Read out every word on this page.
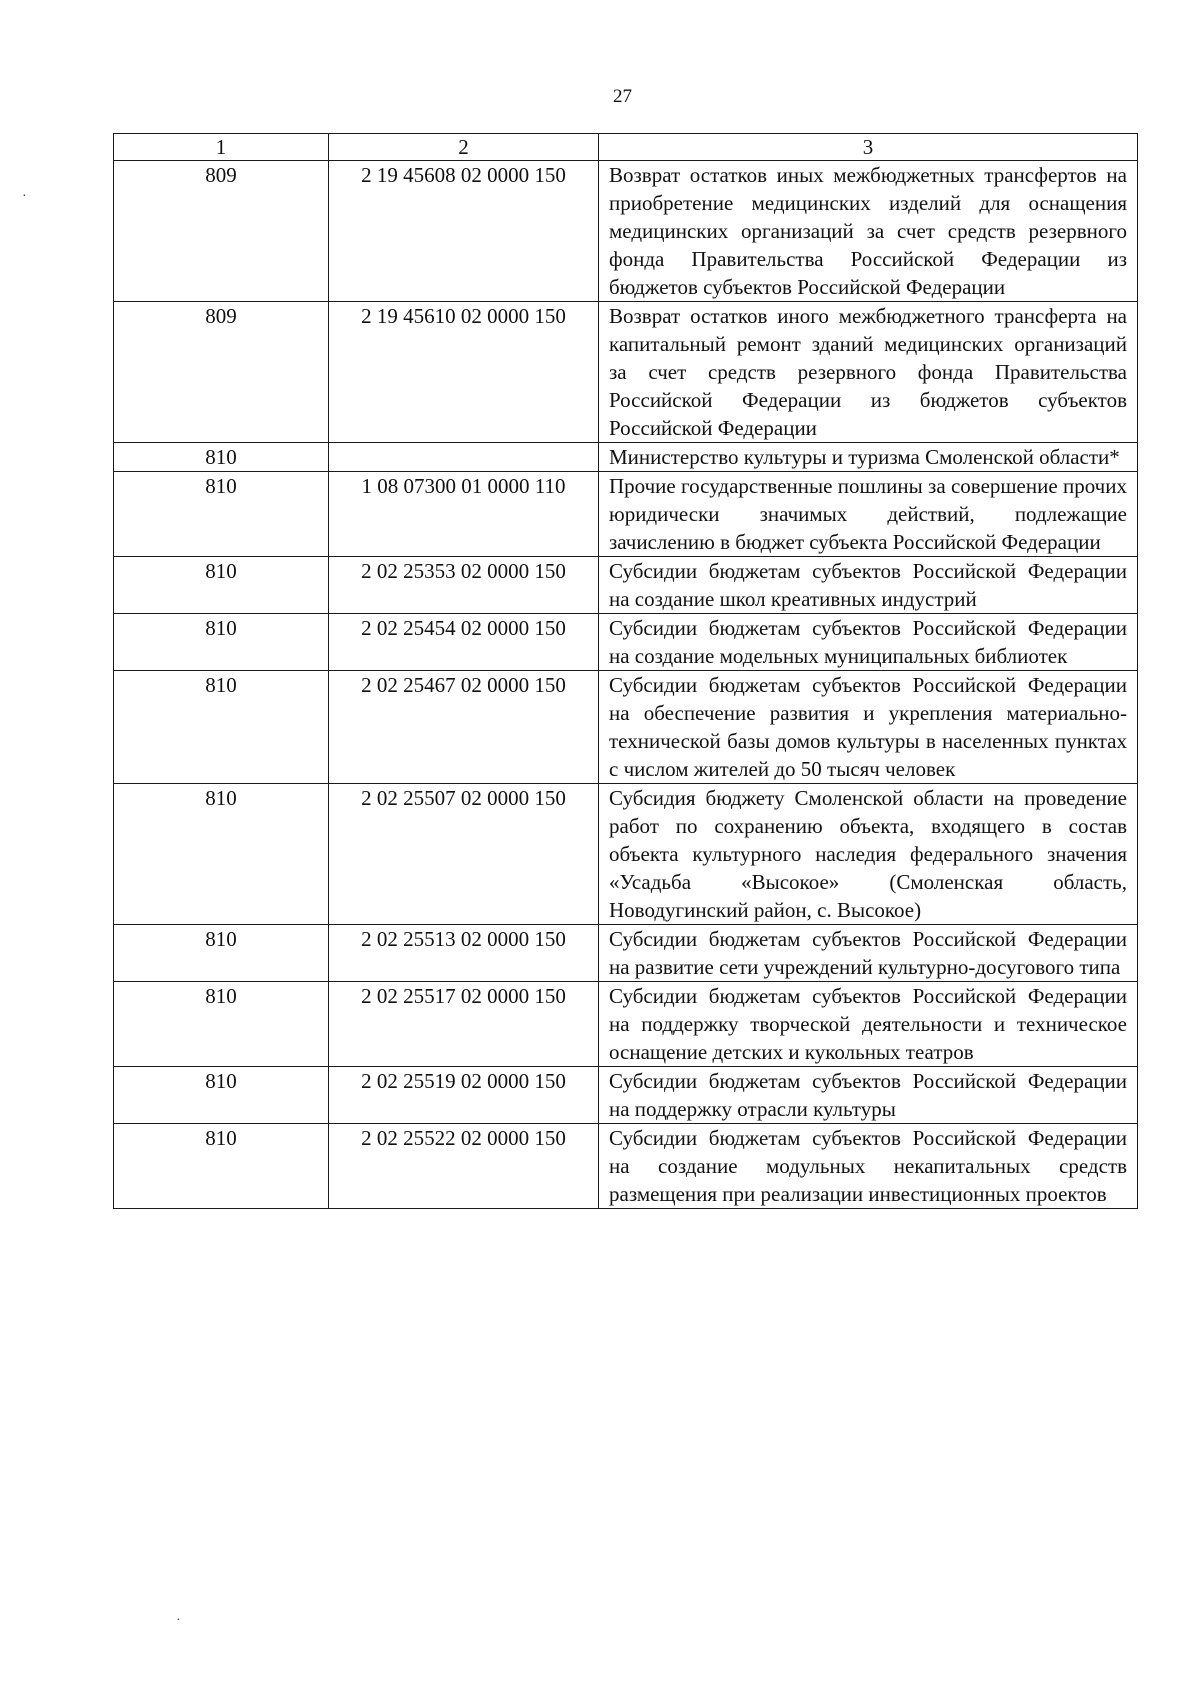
27
1	2	3
809	2 19 45608 02 0000 150	Возврат остатков иных межбюджетных трансфертов на приобретение медицинских изделий для оснащения медицинских организаций за счет средств резервного фонда Правительства Российской Федерации из бюджетов субъектов Российской Федерации
809	2 19 45610 02 0000 150	Возврат остатков иного межбюджетного трансферта на капитальный ремонт зданий медицинских организаций за счет средств резервного фонда Правительства Российской Федерации из бюджетов субъектов Российской Федерации
810		Министерство культуры и туризма Смоленской области*
810	1 08 07300 01 0000 110	Прочие государственные пошлины за совершение прочих юридически значимых действий, подлежащие зачислению в бюджет субъекта Российской Федерации
810	2 02 25353 02 0000 150	Субсидии бюджетам субъектов Российской Федерации на создание школ креативных индустрий
810	2 02 25454 02 0000 150	Субсидии бюджетам субъектов Российской Федерации на создание модельных муниципальных библиотек
810	2 02 25467 02 0000 150	Субсидии бюджетам субъектов Российской Федерации на обеспечение развития и укрепления материально-технической базы домов культуры в населенных пунктах с числом жителей до 50 тысяч человек
810	2 02 25507 02 0000 150	Субсидия бюджету Смоленской области на проведение работ по сохранению объекта, входящего в состав объекта культурного наследия федерального значения «Усадьба «Высокое» (Смоленская область, Новодугинский район, с. Высокое)
810	2 02 25513 02 0000 150	Субсидии бюджетам субъектов Российской Федерации на развитие сети учреждений культурно-досугового типа
810	2 02 25517 02 0000 150	Субсидии бюджетам субъектов Российской Федерации на поддержку творческой деятельности и техническое оснащение детских и кукольных театров
810	2 02 25519 02 0000 150	Субсидии бюджетам субъектов Российской Федерации на поддержку отрасли культуры
810	2 02 25522 02 0000 150	Субсидии бюджетам субъектов Российской Федерации на создание модульных некапитальных средств размещения при реализации инвестиционных проектов
·
·
